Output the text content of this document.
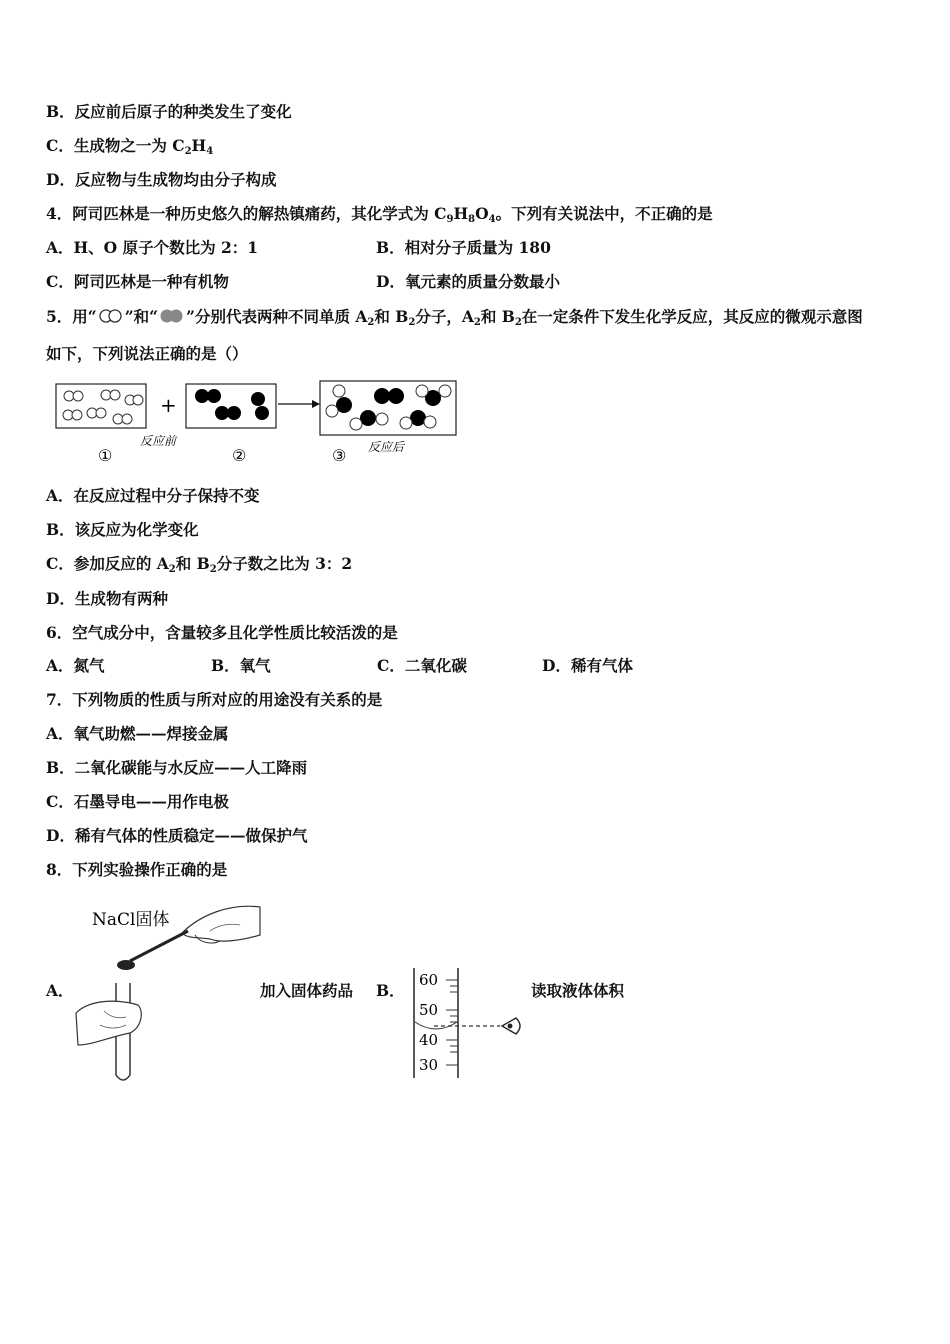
B．反应前后原子的种类发生了变化
C．生成物之一为 $C_2H_4$
D．反应物与生成物均由分子构成
4．阿司匹林是一种历史悠久的解热镇痛药，其化学式为 $C_9H_8O_4$。下列有关说法中，不正确的是
A．H、O 原子个数比为 2：1	B．相对分子质量为 180
C．阿司匹林是一种有机物	D．氧元素的质量分数最小
5．用“ ”和“ ”分别代表两种不同单质 $A_2$和 $B_2$分子，$A_2$和 $B_2$在一定条件下发生化学反应，其反应的微观示意图
如下，下列说法正确的是（）
+
反应前	反应后
①	②	③
A．在反应过程中分子保持不变
B．该反应为化学变化
C．参加反应的 $A_2$和 $B_2$分子数之比为 3：2
D．生成物有两种
6．空气成分中，含量较多且化学性质比较活泼的是
A．氮气	B．氧气	C．二氧化碳	D．稀有气体
7．下列物质的性质与所对应的用途没有关系的是
A．氧气助燃——焊接金属
B．二氧化碳能与水反应——人工降雨
C．石墨导电——用作电极
D．稀有气体的性质稳定——做保护气
8．下列实验操作正确的是
A．
NaCl固体
加入固体药品 B．
60
50
40
30
读取液体体积
